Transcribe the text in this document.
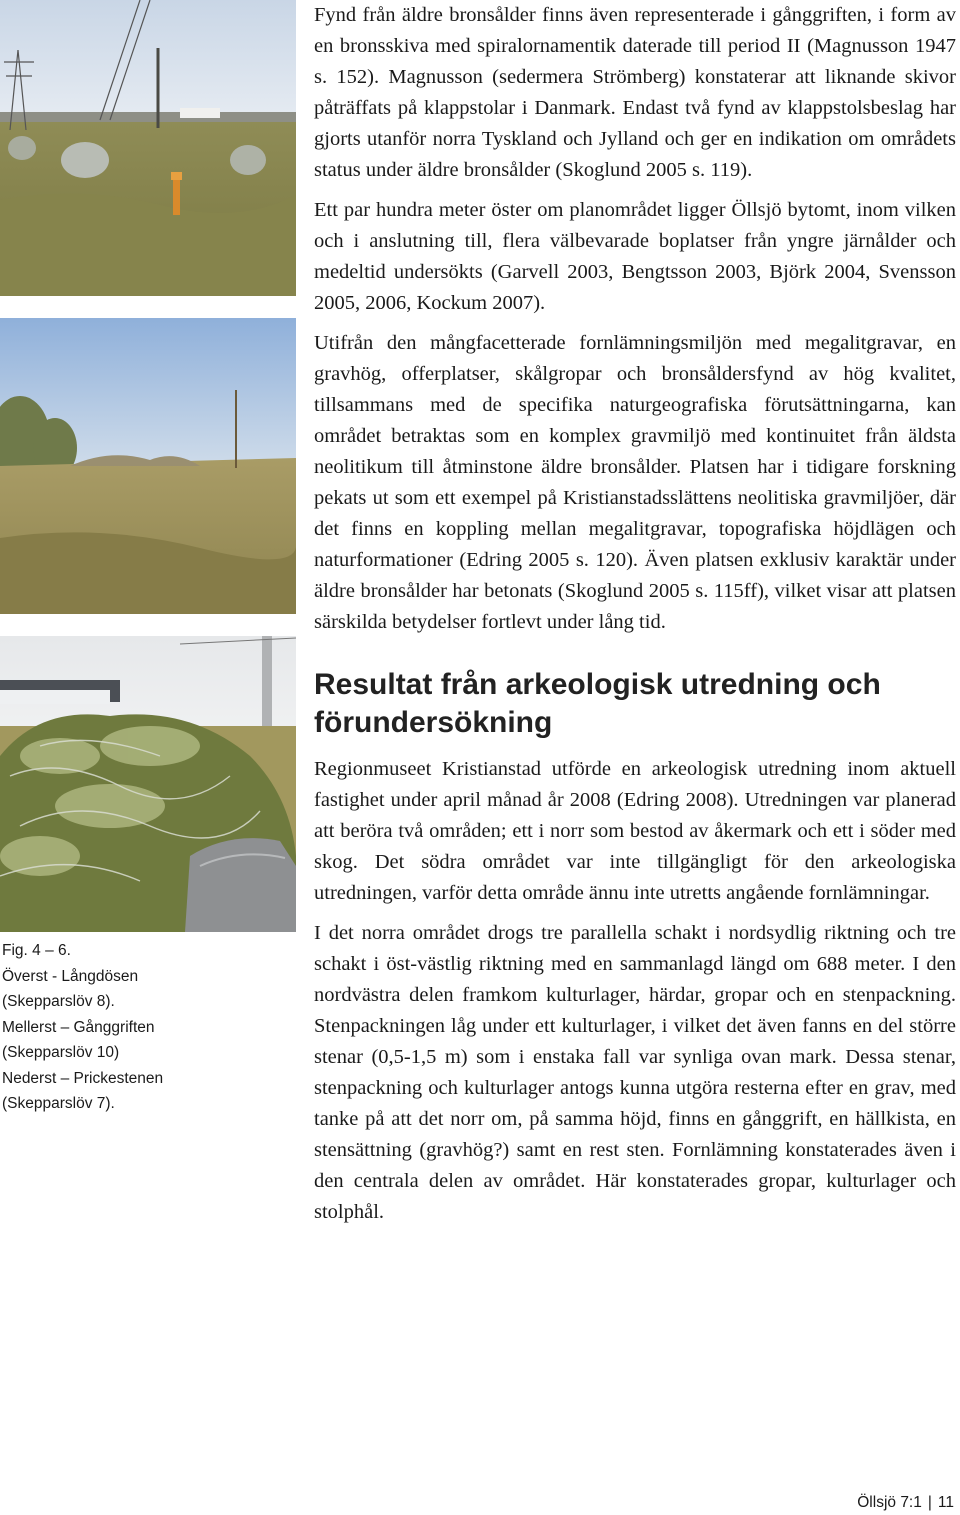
Fig. 4 – 6.
Överst - Långdösen
(Skepparslöv 8).
Mellerst – Gånggriften
(Skepparslöv 10)
Nederst – Prickestenen
(Skepparslöv 7).

Fynd från äldre bronsålder finns även representerade i gånggriften, i form av en bronsskiva med spiralornamentik daterade till period II (Magnusson 1947 s. 152). Magnusson (sedermera Strömberg) konstaterar att liknande skivor påträffats på klappstolar i Danmark. Endast två fynd av klappstolsbeslag har gjorts utanför norra Tyskland och Jylland och ger en indikation om områdets status under äldre bronsålder (Skoglund 2005 s. 119).

Ett par hundra meter öster om planområdet ligger Öllsjö bytomt, inom vilken och i anslutning till, flera välbevarade boplatser från yngre järnålder och medeltid undersökts (Garvell 2003, Bengtsson 2003, Björk 2004, Svensson 2005, 2006, Kockum 2007).

Utifrån den mångfacetterade fornlämningsmiljön med megalitgravar, en gravhög, offerplatser, skålgropar och bronsåldersfynd av hög kvalitet, tillsammans med de specifika naturgeografiska förutsättningarna, kan området betraktas som en komplex gravmiljö med kontinuitet från äldsta neolitikum till åtminstone äldre bronsålder. Platsen har i tidigare forskning pekats ut som ett exempel på Kristianstadsslättens neolitiska gravmiljöer, där det finns en koppling mellan megalitgravar, topografiska höjdlägen och naturformationer (Edring 2005 s. 120). Även platsen exklusiv karaktär under äldre bronsålder har betonats (Skoglund 2005 s. 115ff), vilket visar att platsen särskilda betydelser fortlevt under lång tid.

Resultat från arkeologisk utredning och förundersökning

Regionmuseet Kristianstad utförde en arkeologisk utredning inom aktuell fastighet under april månad år 2008 (Edring 2008). Utredningen var planerad att beröra två områden; ett i norr som bestod av åkermark och ett i söder med skog. Det södra området var inte tillgängligt för den arkeologiska utredningen, varför detta område ännu inte utretts angående fornlämningar.

I det norra området drogs tre parallella schakt i nordsydlig riktning och tre schakt i öst-västlig riktning med en sammanlagd längd om 688 meter. I den nordvästra delen framkom kulturlager, härdar, gropar och en stenpackning. Stenpackningen låg under ett kulturlager, i vilket det även fanns en del större stenar (0,5-1,5 m) som i enstaka fall var synliga ovan mark. Dessa stenar, stenpackning och kulturlager antogs kunna utgöra resterna efter en grav, med tanke på att det norr om, på samma höjd, finns en gånggrift, en hällkista, en stensättning (gravhög?) samt en rest sten. Fornlämning konstaterades även i den centrala delen av området. Här konstaterades gropar, kulturlager och stolphål.

Öllsjö 7:1 | 11
